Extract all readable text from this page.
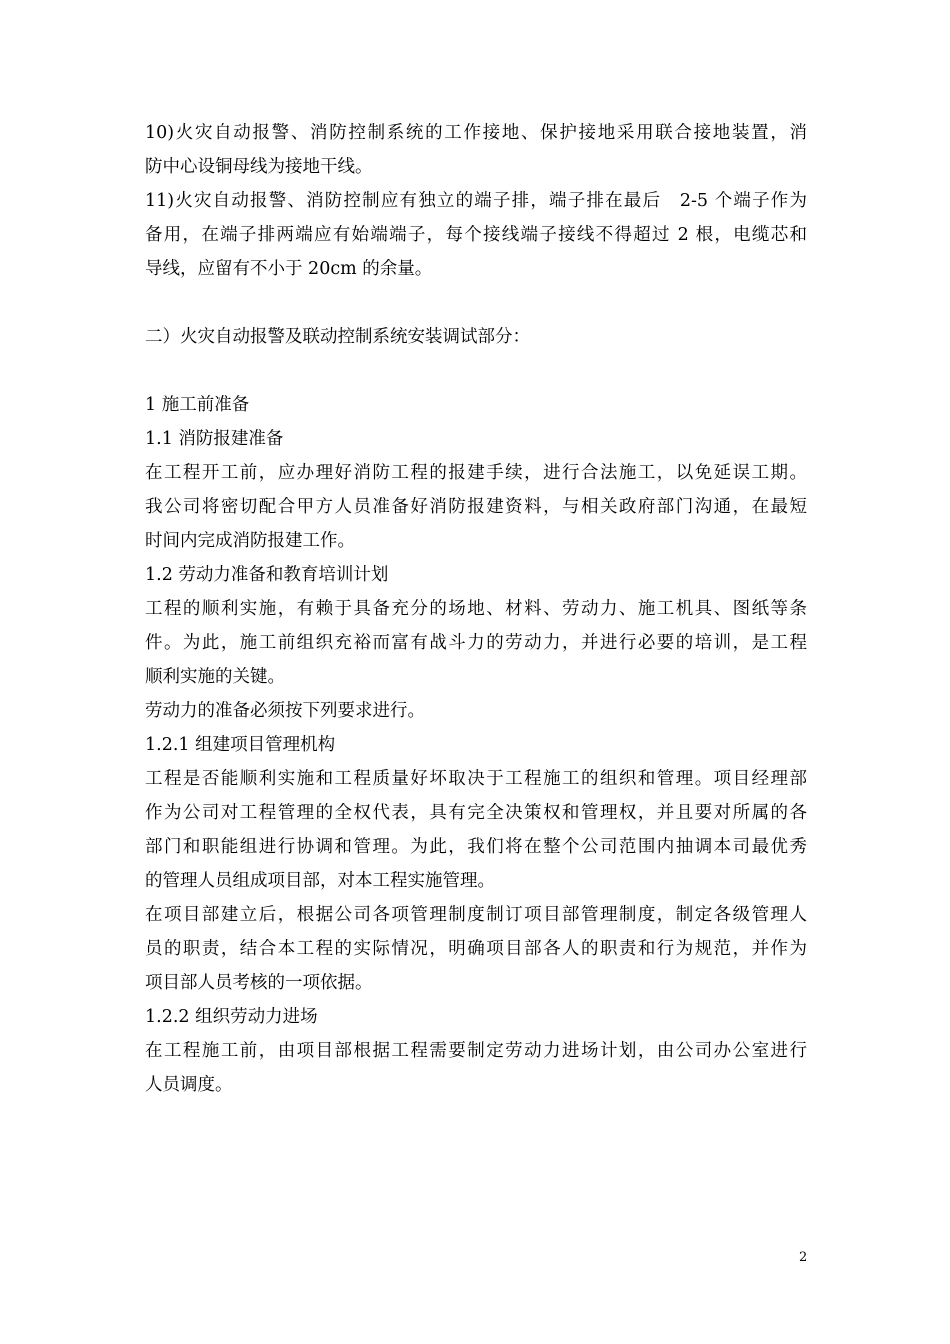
10)火灾自动报警、消防控制系统的工作接地、保护接地采用联合接地装置，消
防中心设铜母线为接地干线。
11)火灾自动报警、消防控制应有独立的端子排，端子排在最后　2-5 个端子作为
备用，在端子排两端应有始端端子，每个接线端子接线不得超过 2 根，电缆芯和
导线，应留有不小于 20cm 的余量。
二）火灾自动报警及联动控制系统安装调试部分：
1 施工前准备
1.1 消防报建准备
在工程开工前，应办理好消防工程的报建手续，进行合法施工，以免延误工期。
我公司将密切配合甲方人员准备好消防报建资料，与相关政府部门沟通，在最短
时间内完成消防报建工作。
1.2 劳动力准备和教育培训计划
工程的顺利实施，有赖于具备充分的场地、材料、劳动力、施工机具、图纸等条
件。为此，施工前组织充裕而富有战斗力的劳动力，并进行必要的培训，是工程
顺利实施的关键。
劳动力的准备必须按下列要求进行。
1.2.1 组建项目管理机构
工程是否能顺利实施和工程质量好坏取决于工程施工的组织和管理。项目经理部
作为公司对工程管理的全权代表，具有完全决策权和管理权，并且要对所属的各
部门和职能组进行协调和管理。为此，我们将在整个公司范围内抽调本司最优秀
的管理人员组成项目部，对本工程实施管理。
在项目部建立后，根据公司各项管理制度制订项目部管理制度，制定各级管理人
员的职责，结合本工程的实际情况，明确项目部各人的职责和行为规范，并作为
项目部人员考核的一项依据。
1.2.2 组织劳动力进场
在工程施工前，由项目部根据工程需要制定劳动力进场计划，由公司办公室进行
人员调度。
2
